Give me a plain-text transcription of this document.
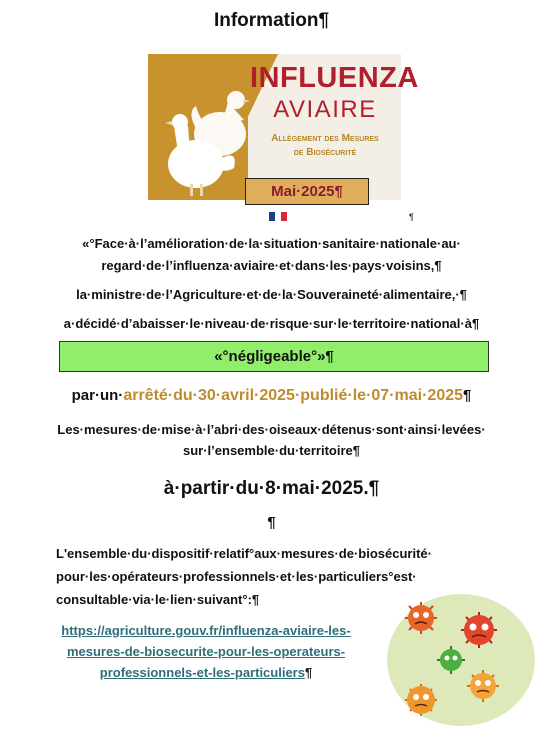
Information¶
INFLUENZA
AVIAIRE
Allègement des Mesures
de Biosécurité
Mai·2025¶
¶
«°Face·à·l’amélioration·de·la·situation·sanitaire·nationale·au·
regard·de·l’influenza·aviaire·et·dans·les·pays·voisins,¶
la·ministre·de·l’Agriculture·et·de·la·Souveraineté·alimentaire,·¶
a·décidé·d’abaisser·le·niveau·de·risque·sur·le·territoire·national·à¶
«°négligeable°»¶
par·un·arrêté·du·30·avril·2025·publié·le·07·mai·2025¶
Les·mesures·de·mise·à·l’abri·des·oiseaux·détenus·sont·ainsi·levées·
sur·l’ensemble·du·territoire¶
à·partir·du·8·mai·2025.¶
¶
L'ensemble·du·dispositif·relatif°aux·mesures·de·biosécurité·
pour·les·opérateurs·professionnels·et·les·particuliers°est·
consultable·via·le·lien·suivant°:¶
https://agriculture.gouv.fr/influenza-aviaire-les-
mesures-de-biosecurite-pour-les-operateurs-
professionnels-et-les-particuliers¶
